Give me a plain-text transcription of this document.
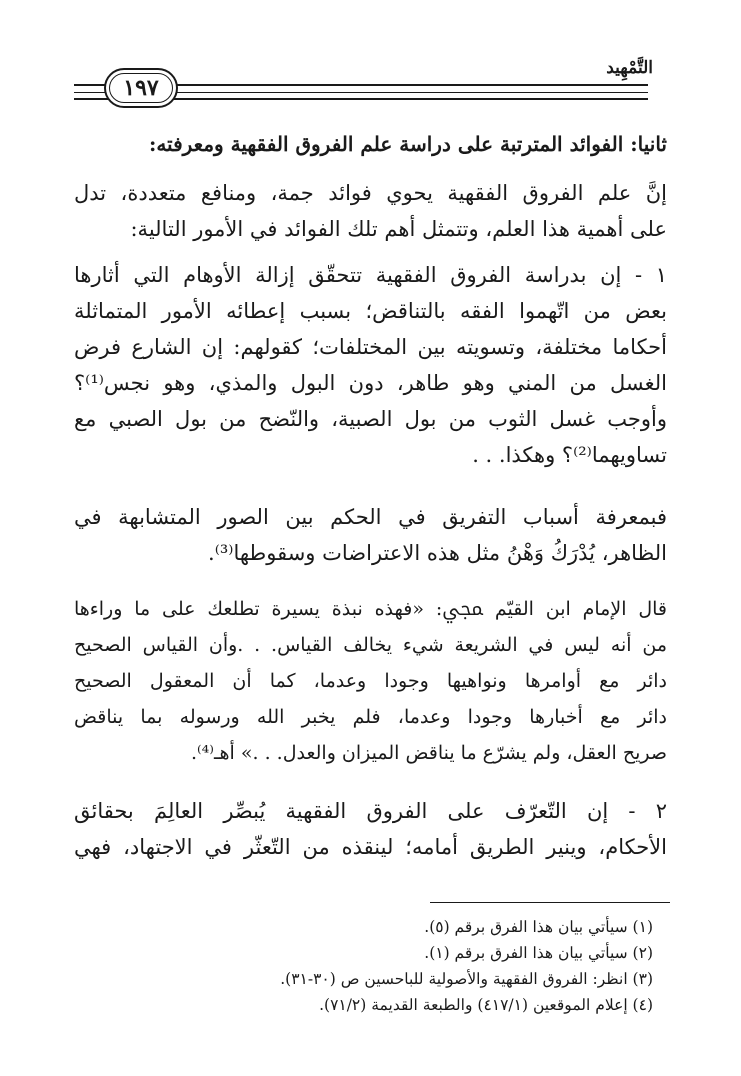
التَّمْهِيد
١٩٧
ثانيا: الفوائد المترتبة على دراسة علم الفروق الفقهية ومعرفته:
إنَّ علم الفروق الفقهية يحوي فوائد جمة، ومنافع متعددة، تدل
على أهمية هذا العلم، وتتمثل أهم تلك الفوائد في الأمور التالية:
١ - إن بدراسة الفروق الفقهية تتحقّق إزالة الأوهام التي أثارها
بعض من اتّهموا الفقه بالتناقض؛ بسبب إعطائه الأمور المتماثلة
أحكاما مختلفة، وتسويته بين المختلفات؛ كقولهم: إن الشارع فرض
الغسل من المني وهو طاهر، دون البول والمذي، وهو نجس⁽¹⁾؟
وأوجب غسل الثوب من بول الصبية، والنّضح من بول الصبي مع
تساويهما⁽²⁾؟ وهكذا. . .
فبمعرفة أسباب التفريق في الحكم بين الصور المتشابهة في
الظاهر، يُدْرَكُ وَهْنُ مثل هذه الاعتراضات وسقوطها⁽³⁾.
قال الإمام ابن القيّم ﷀ: «فهذه نبذة يسيرة تطلعك على ما وراءها
من أنه ليس في الشريعة شيء يخالف القياس. . .وأن القياس الصحيح
دائر مع أوامرها ونواهيها وجودا وعدما، كما أن المعقول الصحيح
دائر مع أخبارها وجودا وعدما، فلم يخبر الله ورسوله بما يناقض
صريح العقل، ولم يشرّع ما يناقض الميزان والعدل. . .» أهـ⁽⁴⁾.
٢ - إن التّعرّف على الفروق الفقهية يُبصِّر العالِمَ بحقائق
الأحكام، وينير الطريق أمامه؛ لينقذه من التّعثّر في الاجتهاد، فهي
(١) سيأتي بيان هذا الفرق برقم (٥).
(٢) سيأتي بيان هذا الفرق برقم (١).
(٣) انظر: الفروق الفقهية والأصولية للباحسين ص (٣٠-٣١).
(٤) إعلام الموقعين (٤١٧/١) والطبعة القديمة (٧١/٢).
